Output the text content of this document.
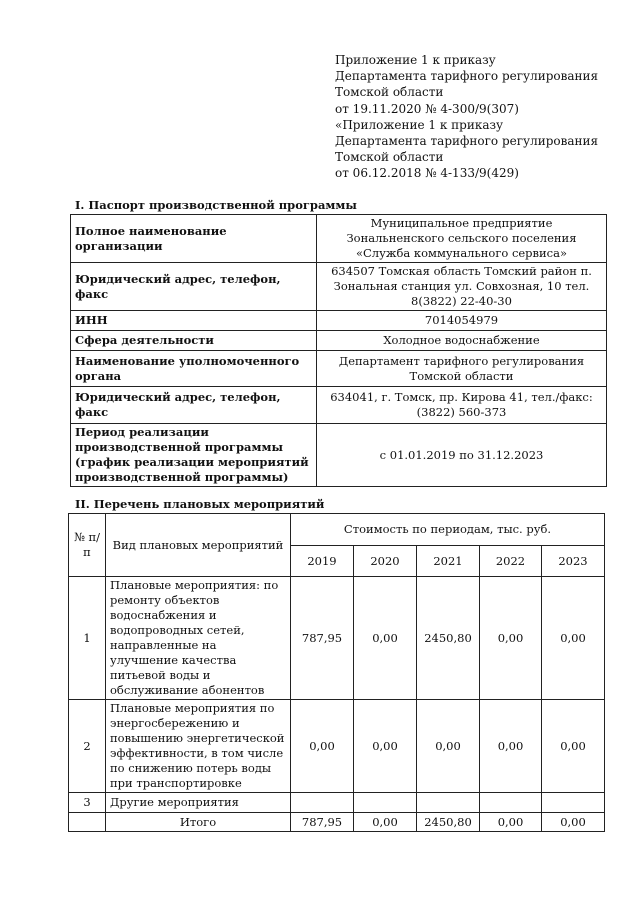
Приложение 1 к приказу
Департамента тарифного регулирования
Томской области
от 19.11.2020 № 4-300/9(307)
«Приложение 1 к приказу
Департамента тарифного регулирования
Томской области
от 06.12.2018 № 4-133/9(429)
I. Паспорт производственной программы
Полное наименование организации	Муниципальное предприятие Зональненского сельского поселения «Служба коммунального сервиса»
Юридический адрес, телефон, факс	634507 Томская область Томский район п. Зональная станция ул. Совхозная, 10 тел. 8(3822) 22-40-30
ИНН	7014054979
Сфера деятельности	Холодное водоснабжение
Наименование уполномоченного органа	Департамент тарифного регулирования Томской области
Юридический адрес, телефон, факс	634041, г. Томск, пр. Кирова 41, тел./факс: (3822) 560-373
Период реализации производственной программы (график реализации мероприятий производственной программы)	с 01.01.2019 по 31.12.2023
II. Перечень плановых мероприятий
№ п/п	Вид плановых мероприятий	Стоимость по периодам, тыс. руб.				
		2019	2020	2021	2022	2023
1	Плановые мероприятия: по ремонту объектов водоснабжения и водопроводных сетей, направленные на улучшение качества питьевой воды и обслуживание абонентов	787,95	0,00	2450,80	0,00	0,00
2	Плановые мероприятия по энергосбережению и повышению энергетической эффективности, в том числе по снижению потерь воды при транспортировке	0,00	0,00	0,00	0,00	0,00
3	Другие мероприятия					
	Итого	787,95	0,00	2450,80	0,00	0,00
